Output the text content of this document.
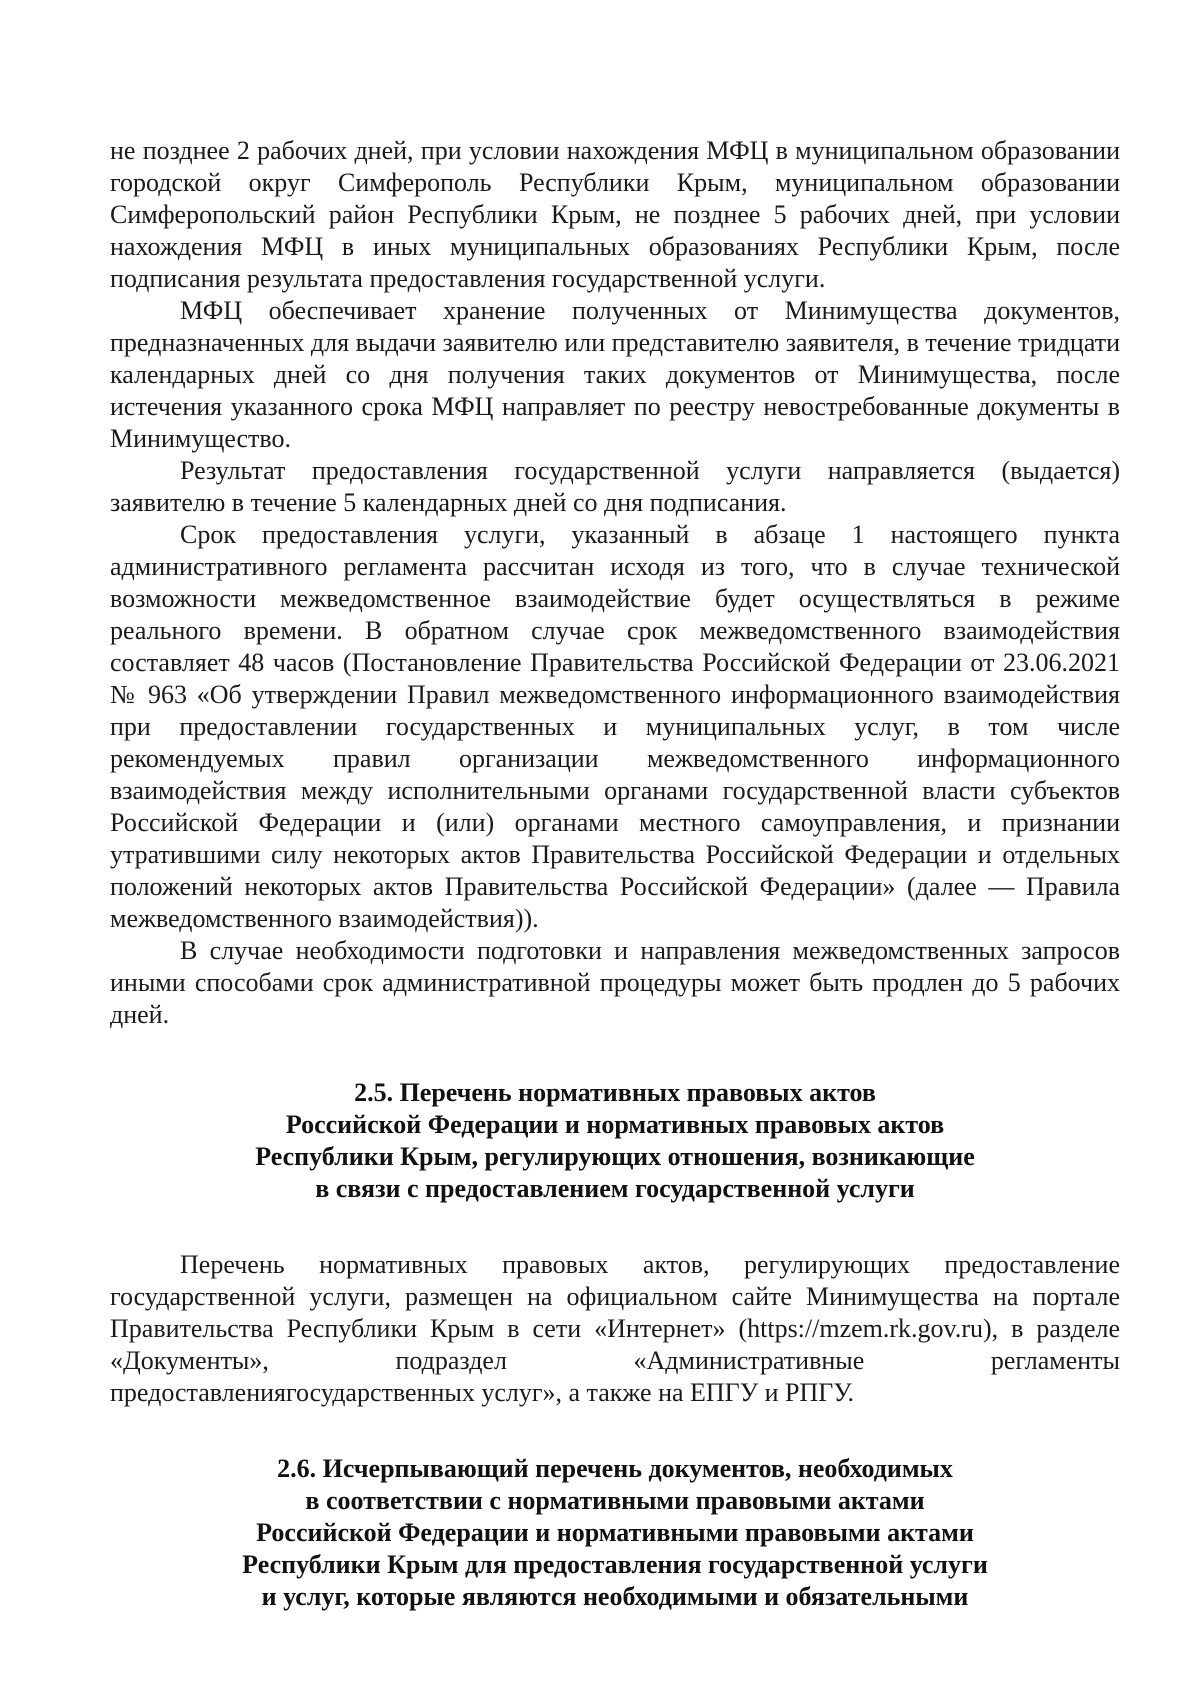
не позднее 2 рабочих дней, при условии нахождения МФЦ в муниципальном образовании городской округ Симферополь Республики Крым, муниципальном образовании Симферопольский район Республики Крым, не позднее 5 рабочих дней, при условии нахождения МФЦ в иных муниципальных образованиях Республики Крым, после подписания результата предоставления государственной услуги.

МФЦ обеспечивает хранение полученных от Минимущества документов, предназначенных для выдачи заявителю или представителю заявителя, в течение тридцати календарных дней со дня получения таких документов от Минимущества, после истечения указанного срока МФЦ направляет по реестру невостребованные документы в Минимущество.

Результат предоставления государственной услуги направляется (выдается) заявителю в течение 5 календарных дней со дня подписания.

Срок предоставления услуги, указанный в абзаце 1 настоящего пункта административного регламента рассчитан исходя из того, что в случае технической возможности межведомственное взаимодействие будет осуществляться в режиме реального времени. В обратном случае срок межведомственного взаимодействия составляет 48 часов (Постановление Правительства Российской Федерации от 23.06.2021 № 963 «Об утверждении Правил межведомственного информационного взаимодействия при предоставлении государственных и муниципальных услуг, в том числе рекомендуемых правил организации межведомственного информационного взаимодействия между исполнительными органами государственной власти субъектов Российской Федерации и (или) органами местного самоуправления, и признании утратившими силу некоторых актов Правительства Российской Федерации и отдельных положений некоторых актов Правительства Российской Федерации» (далее — Правила межведомственного взаимодействия)).

В случае необходимости подготовки и направления межведомственных запросов иными способами срок административной процедуры может быть продлен до 5 рабочих дней.

2.5. Перечень нормативных правовых актов
Российской Федерации и нормативных правовых актов
Республики Крым, регулирующих отношения, возникающие
в связи с предоставлением государственной услуги

Перечень нормативных правовых актов, регулирующих предоставление государственной услуги, размещен на официальном сайте Минимущества на портале Правительства Республики Крым в сети «Интернет» (https://mzem.rk.gov.ru), в разделе «Документы», подраздел «Административные регламенты предоставлениягосударственных услуг», а также на ЕПГУ и РПГУ.

2.6. Исчерпывающий перечень документов, необходимых
в соответствии с нормативными правовыми актами
Российской Федерации и нормативными правовыми актами
Республики Крым для предоставления государственной услуги
и услуг, которые являются необходимыми и обязательными
